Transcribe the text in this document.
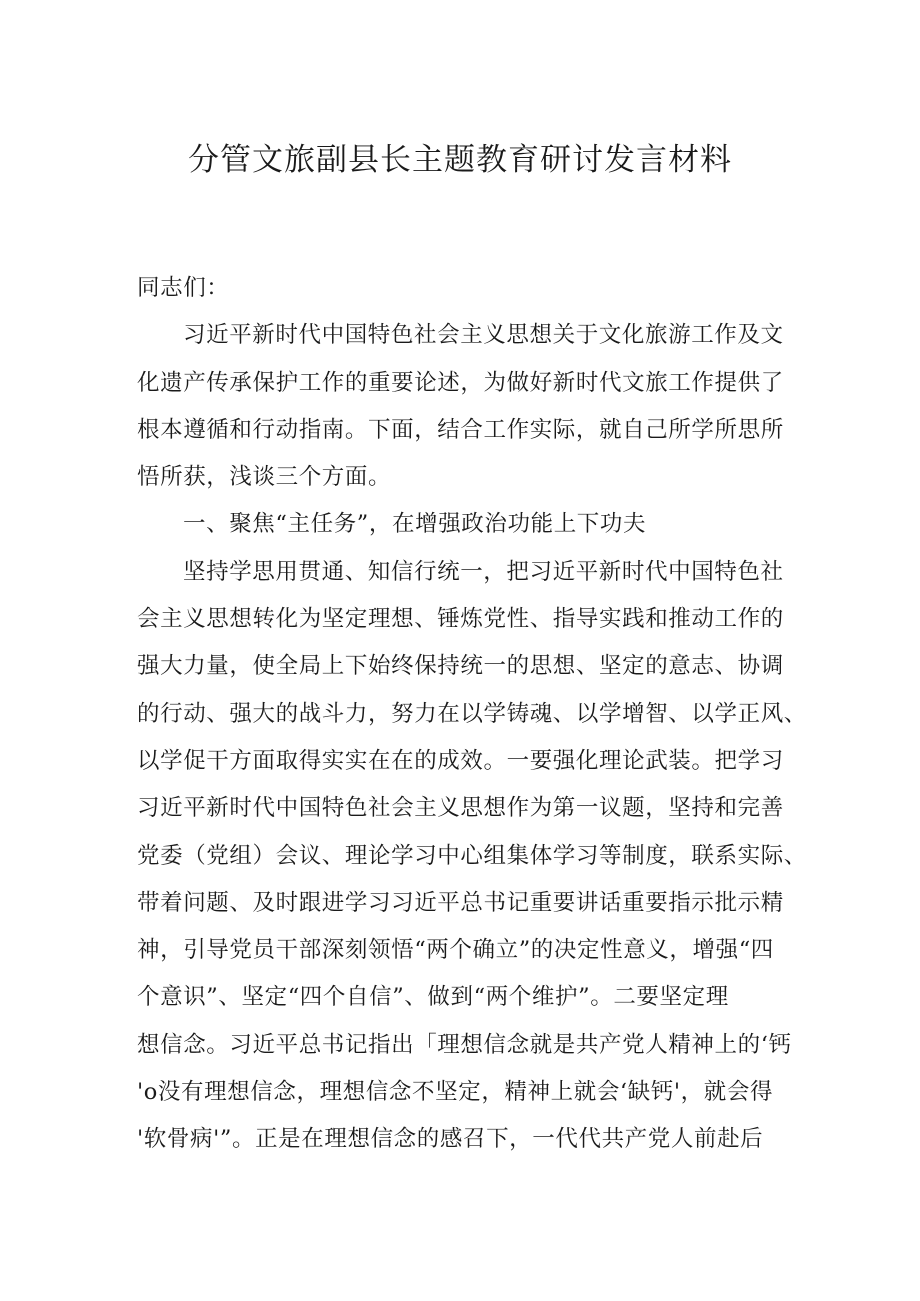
分管文旅副县长主题教育研讨发言材料
同志们：
习近平新时代中国特色社会主义思想关于文化旅游工作及文
化遗产传承保护工作的重要论述，为做好新时代文旅工作提供了
根本遵循和行动指南。下面，结合工作实际，就自己所学所思所
悟所获，浅谈三个方面。
一、聚焦“主任务”，在增强政治功能上下功夫
坚持学思用贯通、知信行统一，把习近平新时代中国特色社
会主义思想转化为坚定理想、锤炼党性、指导实践和推动工作的
强大力量，使全局上下始终保持统一的思想、坚定的意志、协调
的行动、强大的战斗力，努力在以学铸魂、以学增智、以学正风、
以学促干方面取得实实在在的成效。一要强化理论武装。把学习
习近平新时代中国特色社会主义思想作为第一议题，坚持和完善
党委（党组）会议、理论学习中心组集体学习等制度，联系实际、
带着问题、及时跟进学习习近平总书记重要讲话重要指示批示精
神，引导党员干部深刻领悟“两个确立”的决定性意义，增强“四
个意识”、坚定“四个自信”、做到“两个维护”。二要坚定理
想信念。习近平总书记指出「理想信念就是共产党人精神上的‘钙
'o没有理想信念，理想信念不坚定，精神上就会‘缺钙'，就会得
'软骨病'”。正是在理想信念的感召下，一代代共产党人前赴后
